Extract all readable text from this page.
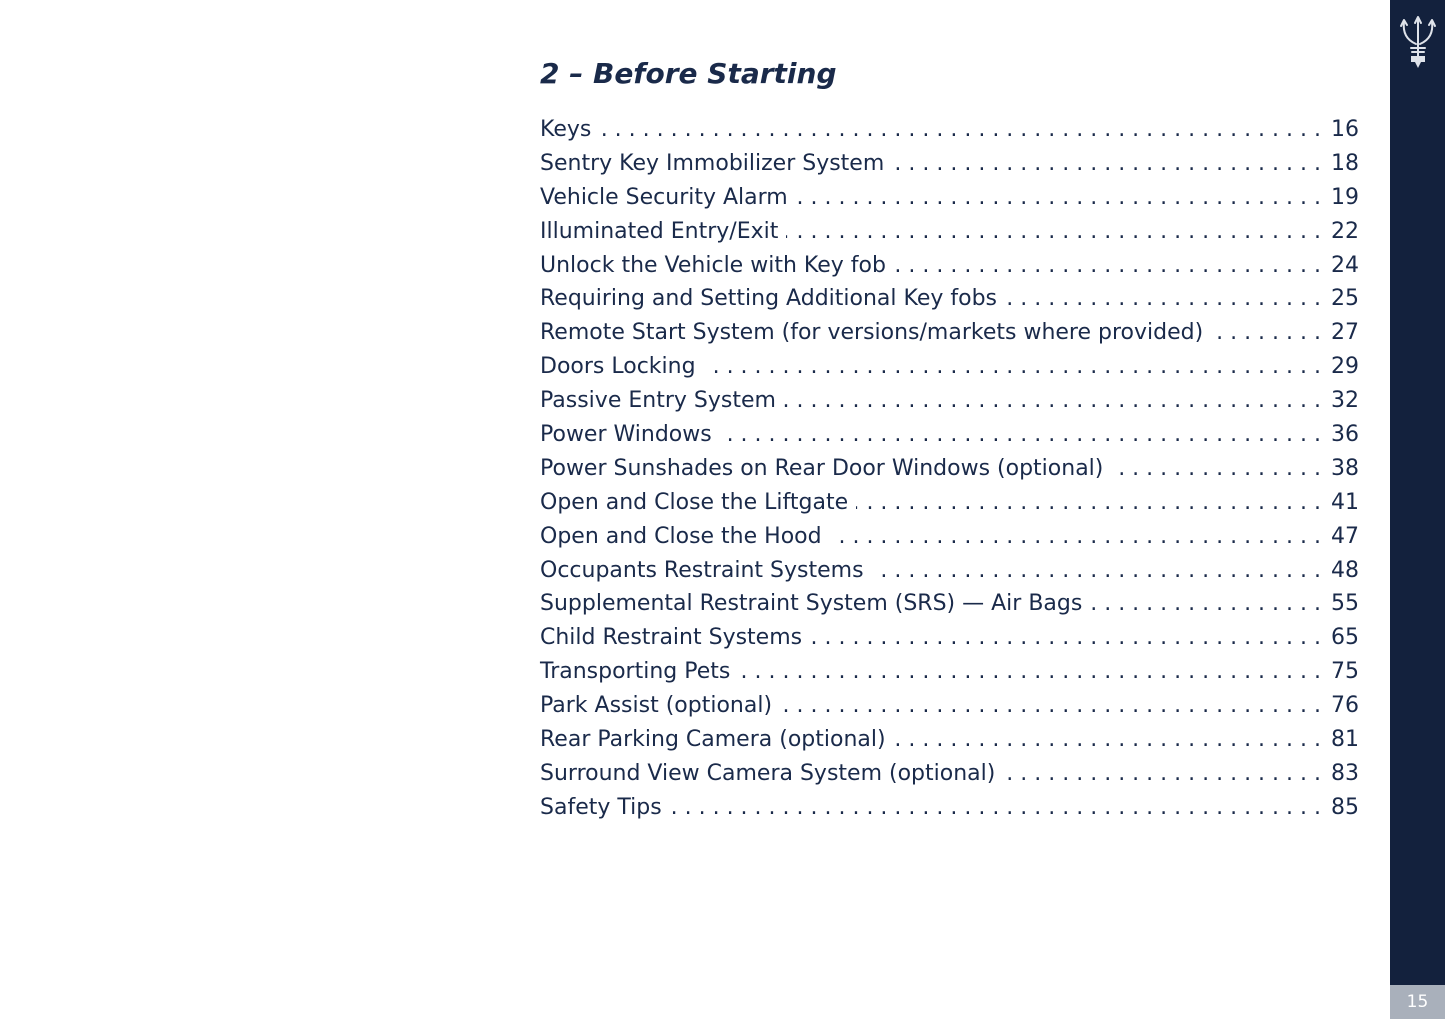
2 – Before Starting
Keys . . .	16
Sentry Key Immobilizer System . . .	18
Vehicle Security Alarm . . .	19
Illuminated Entry/Exit . . .	22
Unlock the Vehicle with Key fob . . .	24
Requiring and Setting Additional Key fobs . . .	25
Remote Start System (for versions/markets where provided) . . .	27
Doors Locking . . .	29
Passive Entry System . . .	32
Power Windows . . .	36
Power Sunshades on Rear Door Windows (optional) . . .	38
Open and Close the Liftgate . . .	41
Open and Close the Hood . . .	47
Occupants Restraint Systems . . .	48
Supplemental Restraint System (SRS) — Air Bags . . .	55
Child Restraint Systems . . .	65
Transporting Pets . . .	75
Park Assist (optional) . . .	76
Rear Parking Camera (optional) . . .	81
Surround View Camera System (optional) . . .	83
Safety Tips . . .	85
15
